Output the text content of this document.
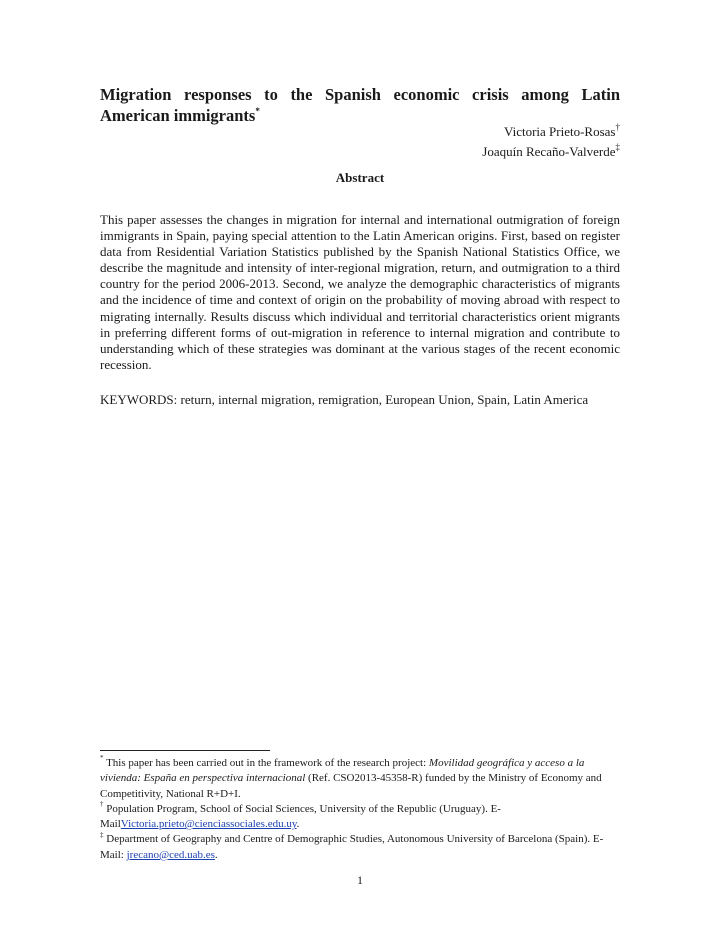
Migration responses to the Spanish economic crisis among Latin
American immigrants*
Victoria Prieto-Rosas†
Joaquín Recaño-Valverde‡
Abstract

This paper assesses the changes in migration for internal and international outmigration of foreign immigrants in Spain, paying special attention to the Latin American origins. First, based on register data from Residential Variation Statistics published by the Spanish National Statistics Office, we describe the magnitude and intensity of inter-regional migration, return, and outmigration to a third country for the period 2006-2013. Second, we analyze the demographic characteristics of migrants and the incidence of time and context of origin on the probability of moving abroad with respect to migrating internally. Results discuss which individual and territorial characteristics orient migrants in preferring different forms of out-migration in reference to internal migration and contribute to understanding which of these strategies was dominant at the various stages of the recent economic recession.

KEYWORDS: return, internal migration, remigration, European Union, Spain, Latin America

* This paper has been carried out in the framework of the research project: Movilidad geográfica y acceso a la vivienda: España en perspectiva internacional (Ref. CSO2013-45358-R) funded by the Ministry of Economy and Competitivity, National R+D+I.

† Population Program, School of Social Sciences, University of the Republic (Uruguay). E-MailVictoria.prieto@cienciassociales.edu.uy.

‡ Department of Geography and Centre of Demographic Studies, Autonomous University of Barcelona (Spain). E-Mail: jrecano@ced.uab.es.

1
